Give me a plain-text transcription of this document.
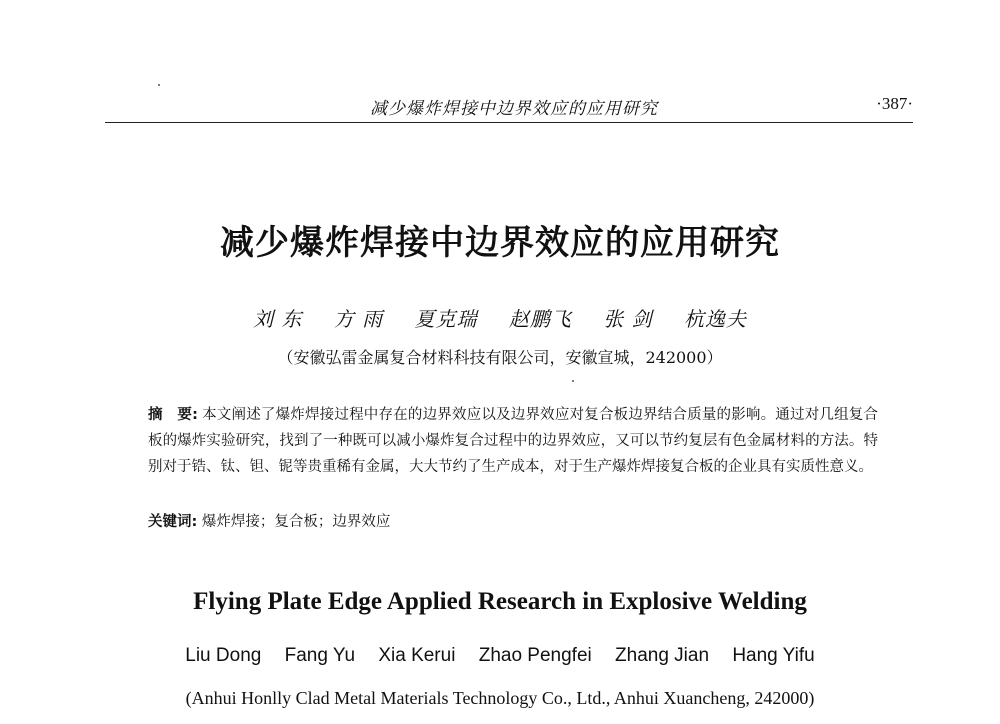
减少爆炸焊接中边界效应的应用研究	·387·
减少爆炸焊接中边界效应的应用研究
刘 东 方 雨 夏克瑞 赵鹏飞 张 剑 杭逸夫
（安徽弘雷金属复合材料科技有限公司，安徽宣城，242000）
摘　要: 本文阐述了爆炸焊接过程中存在的边界效应以及边界效应对复合板边界结合质量的影响。通过对几组复合板的爆炸实验研究，找到了一种既可以减小爆炸复合过程中的边界效应，又可以节约复层有色金属材料的方法。特别对于锆、钛、钽、铌等贵重稀有金属，大大节约了生产成本，对于生产爆炸焊接复合板的企业具有实质性意义。
关键词: 爆炸焊接；复合板；边界效应
Flying Plate Edge Applied Research in Explosive Welding
Liu Dong Fang Yu Xia Kerui Zhao Pengfei Zhang Jian Hang Yifu
(Anhui Honlly Clad Metal Materials Technology Co., Ltd., Anhui Xuancheng, 242000)
